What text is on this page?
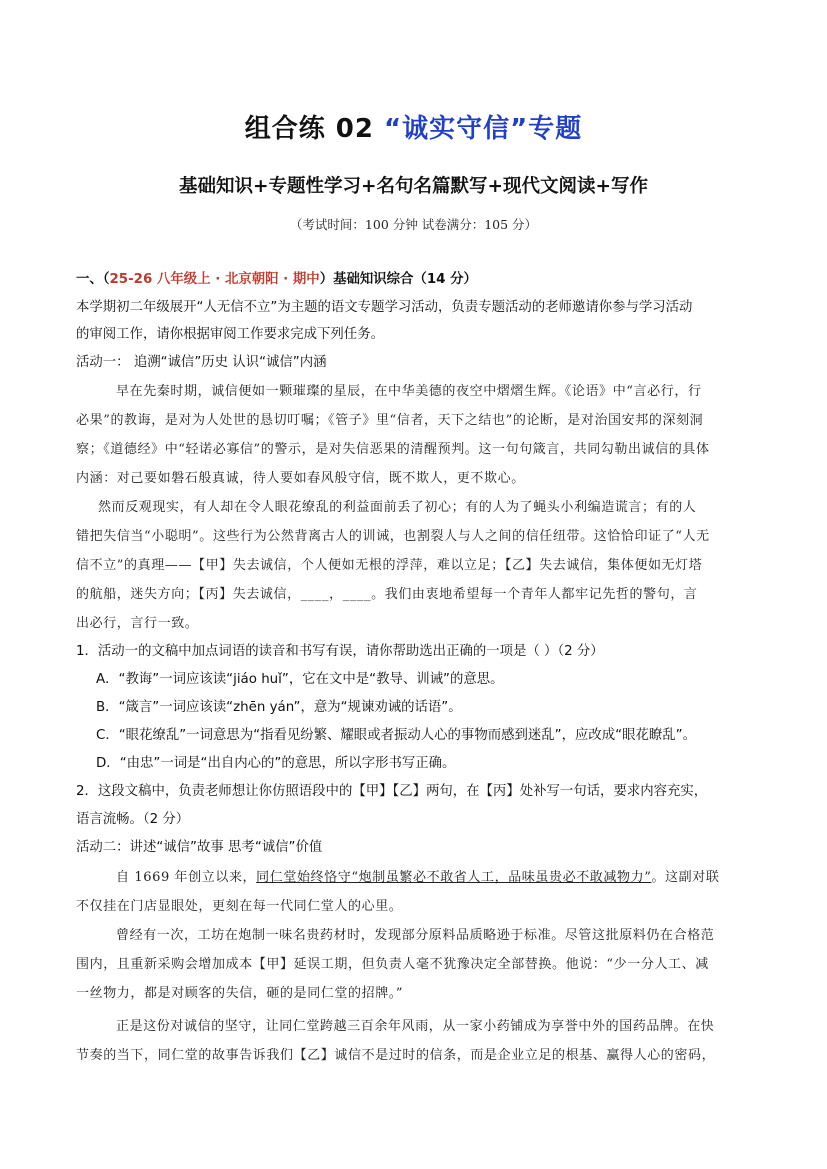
组合练 02 “诚实守信”专题
基础知识+专题性学习+名句名篇默写+现代文阅读+写作
（考试时间：100 分钟 试卷满分：105 分）
一、（25-26 八年级上 · 北京朝阳 · 期中）基础知识综合（14 分）
本学期初二年级展开“人无信不立”为主题的语文专题学习活动，负责专题活动的老师邀请你参与学习活动
的审阅工作，请你根据审阅工作要求完成下列任务。
活动一： 追溯“诚信”历史 认识“诚信”内涵
早在先秦时期，诚信便如一颗璀璨的星辰，在中华美德的夜空中熠熠生辉。《论语》中“言必行，行
必果”的教诲，是对为人处世的恳切叮嘱；《管子》里“信者，天下之结也”的论断，是对治国安邦的深刻洞
察；《道德经》中“轻诺必寡信”的警示，是对失信恶果的清醒预判。这一句句箴言，共同勾勒出诚信的具体
内涵：对己要如磐石般真诚，待人要如春风般守信，既不欺人，更不欺心。
然而反观现实，有人却在令人眼花缭乱的利益面前丢了初心；有的人为了蝇头小利编造谎言；有的人
错把失信当“小聪明”。这些行为公然背离古人的训诫，也割裂人与人之间的信任纽带。这恰恰印证了“人无
信不立”的真理——【甲】失去诚信，个人便如无根的浮萍，难以立足；【乙】失去诚信，集体便如无灯塔
的航船，迷失方向；【丙】失去诚信，____，____。我们由衷地希望每一个青年人都牢记先哲的警句，言
出必行，言行一致。
1．活动一的文稿中加点词语的读音和书写有误，请你帮助选出正确的一项是（ ）（2 分）
A．“教诲”一词应该读“jiáo huǐ”，它在文中是“教导、训诫”的意思。
B．“箴言”一词应该读“zhēn yán”，意为“规谏劝诫的话语”。
C．“眼花缭乱”一词意思为“指看见纷繁、耀眼或者振动人心的事物而感到迷乱”，应改成“眼花瞭乱”。
D．“由忠”一词是“出自内心的”的意思，所以字形书写正确。
2．这段文稿中，负责老师想让你仿照语段中的【甲】【乙】两句，在【丙】处补写一句话，要求内容充实，
语言流畅。（2 分）
活动二：讲述“诚信”故事 思考“诚信”价值
自 1669 年创立以来，同仁堂始终恪守“炮制虽繁必不敢省人工，品味虽贵必不敢减物力”。这副对联
不仅挂在门店显眼处，更刻在每一代同仁堂人的心里。
曾经有一次，工坊在炮制一味名贵药材时，发现部分原料品质略逊于标准。尽管这批原料仍在合格范
围内，且重新采购会增加成本【甲】延误工期，但负责人毫不犹豫决定全部替换。他说：“少一分人工、减
一丝物力，都是对顾客的失信，砸的是同仁堂的招牌。”
正是这份对诚信的坚守，让同仁堂跨越三百余年风雨，从一家小药铺成为享誉中外的国药品牌。在快
节奏的当下，同仁堂的故事告诉我们【乙】诚信不是过时的信条，而是企业立足的根基、赢得人心的密码，
